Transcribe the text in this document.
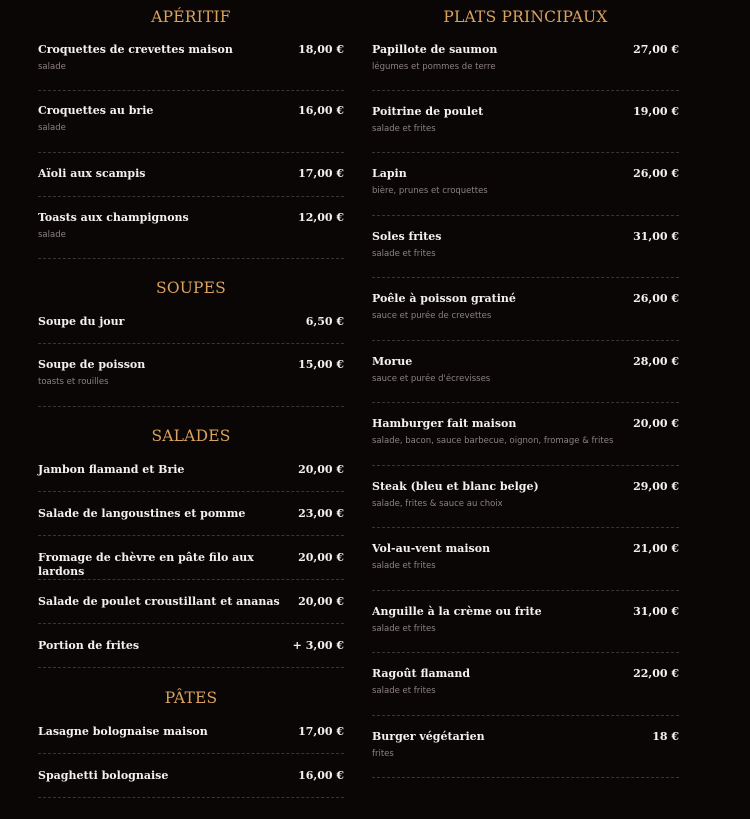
APÉRITIF
Croquettes de crevettes maison	18,00 €
salade
Croquettes au brie	16,00 €
salade
Aïoli aux scampis	17,00 €
Toasts aux champignons	12,00 €
salade
SOUPES
Soupe du jour	6,50 €
Soupe de poisson	15,00 €
toasts et rouilles
SALADES
Jambon flamand et Brie	20,00 €
Salade de langoustines et pomme	23,00 €
Fromage de chèvre en pâte filo aux lardons
20,00 €
Salade de poulet croustillant et ananas 20,00 €
Portion de frites	+ 3,00 €
PÂTES
Lasagne bolognaise maison	17,00 €
Spaghetti bolognaise	16,00 €
PLATS PRINCIPAUX
Papillote de saumon	27,00 €
légumes et pommes de terre
Poitrine de poulet	19,00 €
salade et frites
Lapin	26,00 €
bière, prunes et croquettes
Soles frites	31,00 €
salade et frites
Poêle à poisson gratiné	26,00 €
sauce et purée de crevettes
Morue	28,00 €
sauce et purée d'écrevisses
Hamburger fait maison	20,00 €
salade, bacon, sauce barbecue, oignon, fromage & frites
Steak (bleu et blanc belge)	29,00 €
salade, frites & sauce au choix
Vol-au-vent maison	21,00 €
salade et frites
Anguille à la crème ou frite	31,00 €
salade et frites
Ragoût flamand	22,00 €
salade et frites
Burger végétarien	18 €
frites
